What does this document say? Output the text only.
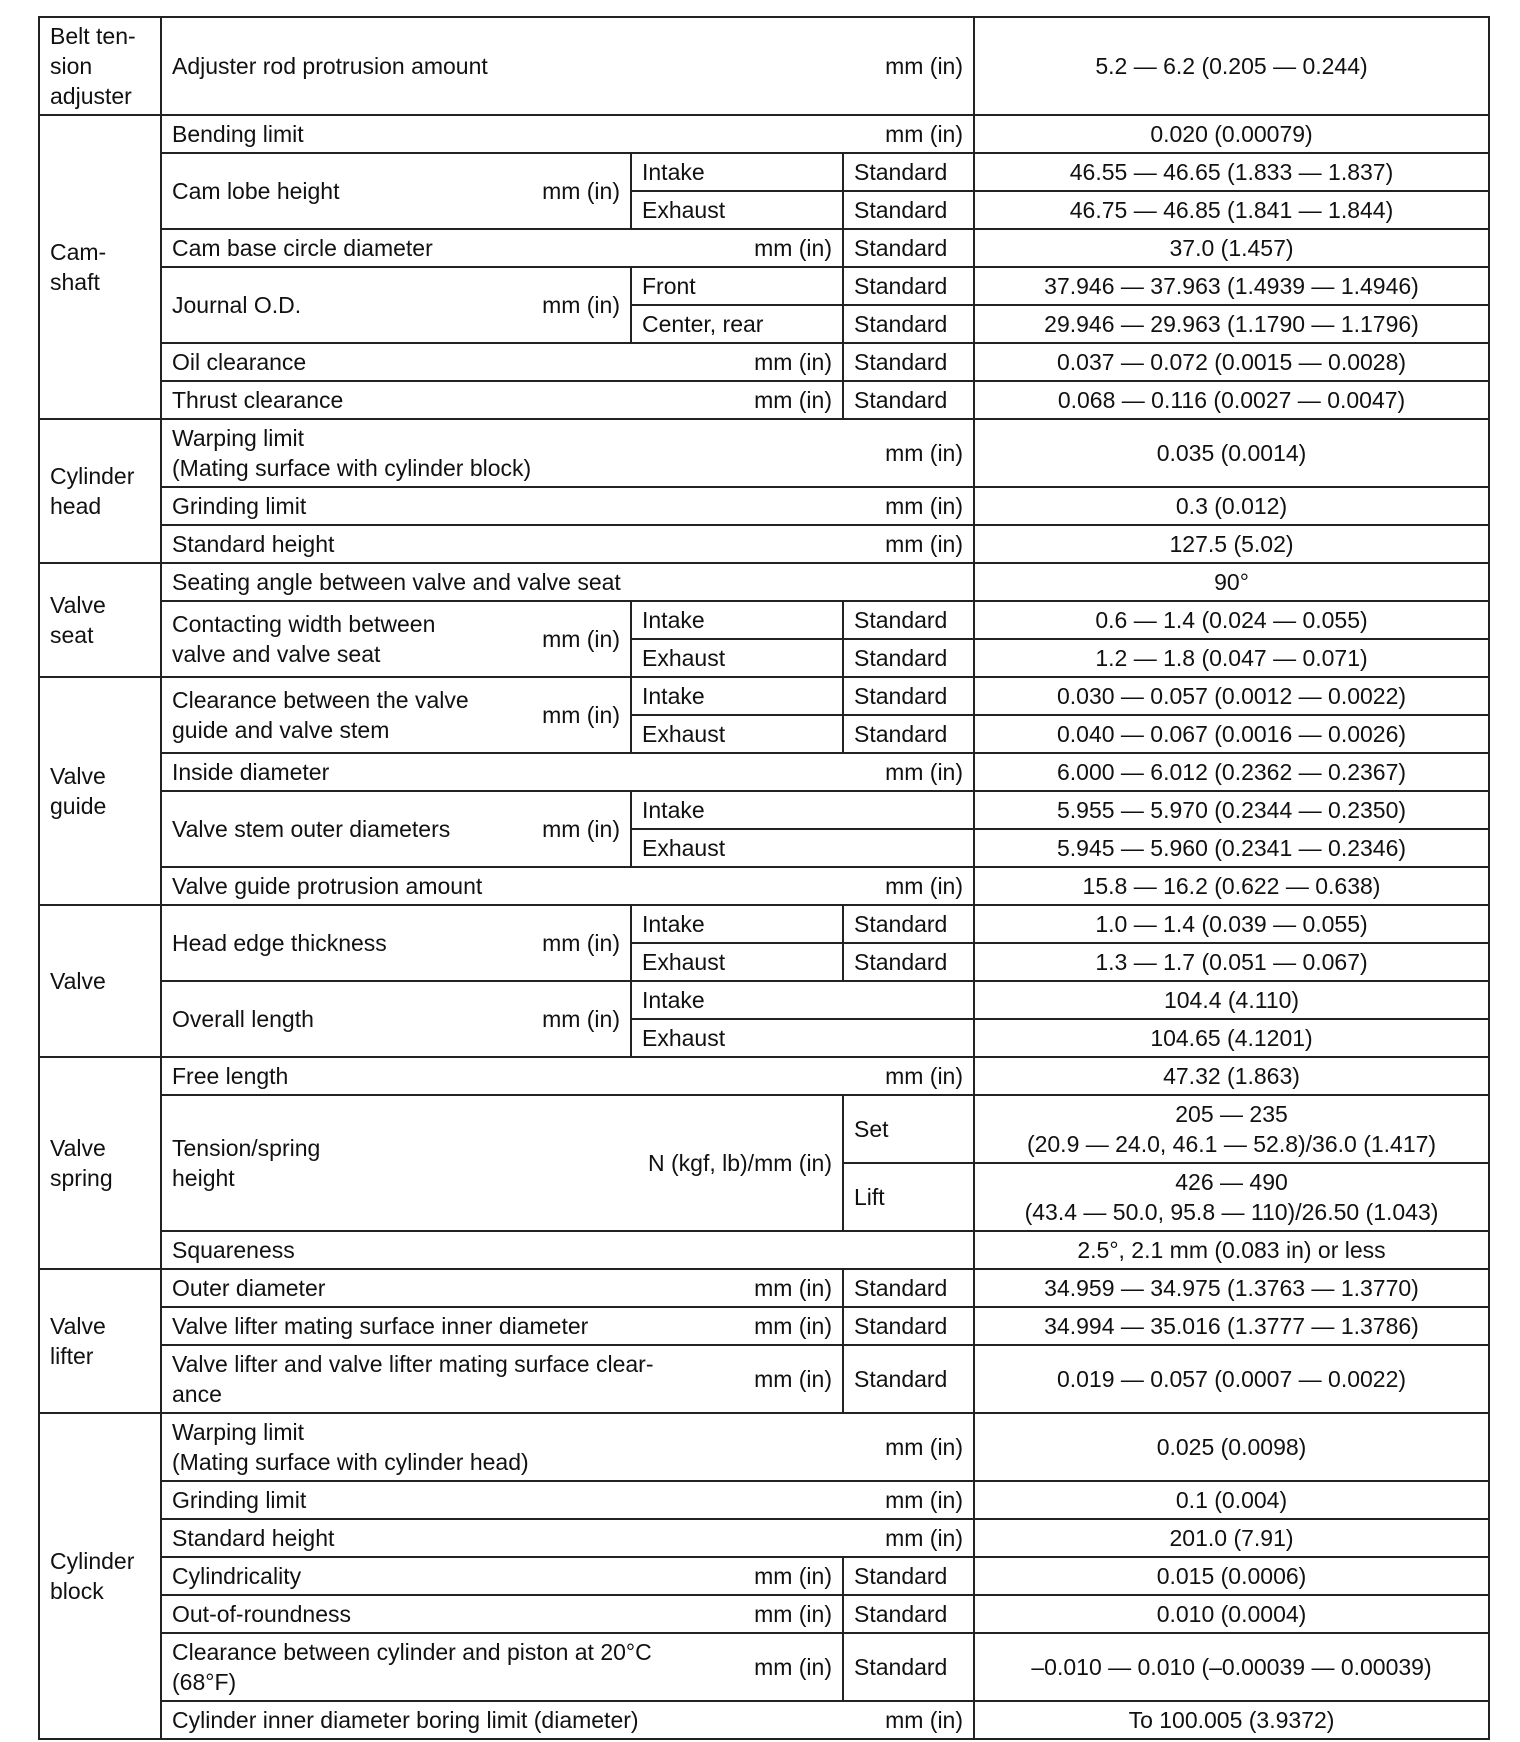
Belt ten-
sion
adjuster	Adjuster rod protrusion amount mm (in)			5.2 — 6.2 (0.205 — 0.244)
Cam-
shaft	Bending limit mm (in)			0.020 (0.00079)

	Cam lobe height mm (in)	Intake	Standard	46.55 — 46.65 (1.833 — 1.837)
		Exhaust	Standard	46.75 — 46.85 (1.841 — 1.844)

	Cam base circle diameter mm (in)		Standard	37.0 (1.457)

	Journal O.D. mm (in)	Front	Standard	37.946 — 37.963 (1.4939 — 1.4946)
		Center, rear	Standard	29.946 — 29.963 (1.1790 — 1.1796)

	Oil clearance mm (in)		Standard	0.037 — 0.072 (0.0015 — 0.0028)

	Thrust clearance mm (in)		Standard	0.068 — 0.116 (0.0027 — 0.0047)
Cylinder
head	Warping limit
(Mating surface with cylinder block)
mm (in)			0.035 (0.0014)

	Grinding limit mm (in)			0.3 (0.012)

	Standard height mm (in)			127.5 (5.02)
Valve
seat	Seating angle between valve and valve seat			90°

	Contacting width between
valve and valve seat
mm (in)	Intake	Standard	0.6 — 1.4 (0.024 — 0.055)
		Exhaust	Standard	1.2 — 1.8 (0.047 — 0.071)
Valve
guide	Clearance between the valve
guide and valve stem
mm (in)	Intake	Standard	0.030 — 0.057 (0.0012 — 0.0022)
		Exhaust	Standard	0.040 — 0.067 (0.0016 — 0.0026)

	Inside diameter mm (in)			6.000 — 6.012 (0.2362 — 0.2367)

	Valve stem outer diameters mm (in)	Intake		5.955 — 5.970 (0.2344 — 0.2350)
		Exhaust		5.945 — 5.960 (0.2341 — 0.2346)

	Valve guide protrusion amount mm (in)			15.8 — 16.2 (0.622 — 0.638)
Valve	Head edge thickness mm (in)	Intake	Standard	1.0 — 1.4 (0.039 — 0.055)
		Exhaust	Standard	1.3 — 1.7 (0.051 — 0.067)

	Overall length mm (in)	Intake		104.4 (4.110)
		Exhaust		104.65 (4.1201)
Valve
spring	Free length mm (in)			47.32 (1.863)

	Tension/spring
height
N (kgf, lb)/mm (in)		Set	205 — 235
(20.9 — 24.0, 46.1 — 52.8)/36.0 (1.417)
			Lift	426 — 490
(43.4 — 50.0, 95.8 — 110)/26.50 (1.043)
	Squareness			2.5°, 2.1 mm (0.083 in) or less
Valve
lifter	Outer diameter mm (in)		Standard	34.959 — 34.975 (1.3763 — 1.3770)

	Valve lifter mating surface inner diameter mm (in)		Standard	34.994 — 35.016 (1.3777 — 1.3786)

	Valve lifter and valve lifter mating surface clear-
ance
mm (in)		Standard	0.019 — 0.057 (0.0007 — 0.0022)
Cylinder
block	Warping limit
(Mating surface with cylinder head)
mm (in)			0.025 (0.0098)

	Grinding limit mm (in)			0.1 (0.004)

	Standard height mm (in)			201.0 (7.91)

	Cylindricality mm (in)		Standard	0.015 (0.0006)

	Out-of-roundness mm (in)		Standard	0.010 (0.0004)

	Clearance between cylinder and piston at 20°C
(68°F)
mm (in)		Standard	–0.010 — 0.010 (–0.00039 — 0.00039)

	Cylinder inner diameter boring limit (diameter) mm (in)			To 100.005 (3.9372)
